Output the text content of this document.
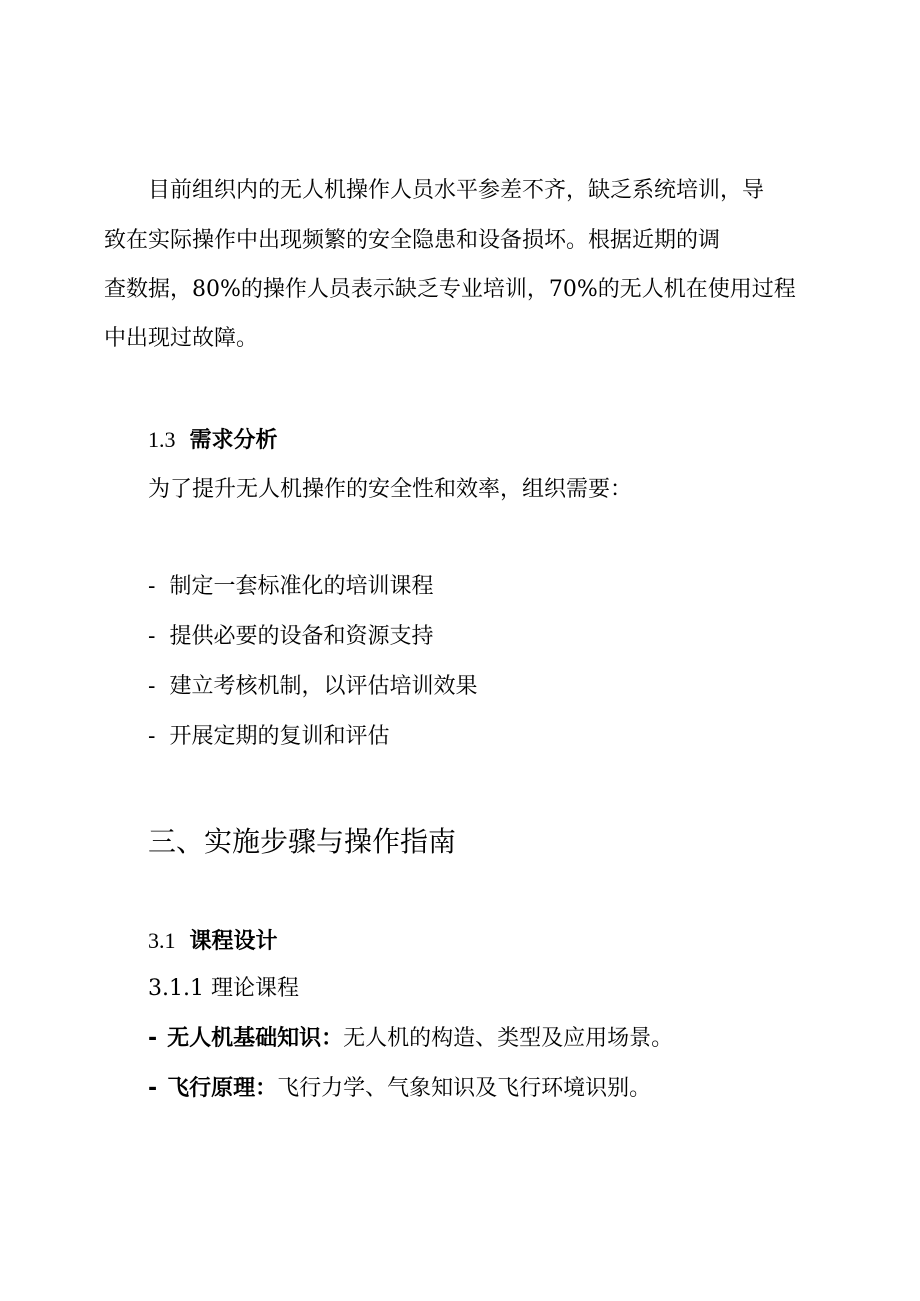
目前组织内的无人机操作人员水平参差不齐，缺乏系统培训，导
致在实际操作中出现频繁的安全隐患和设备损坏。根据近期的调
查数据，80%的操作人员表示缺乏专业培训，70%的无人机在使用过程
中出现过故障。
1.3 需求分析
为了提升无人机操作的安全性和效率，组织需要：
- 制定一套标准化的培训课程
- 提供必要的设备和资源支持
- 建立考核机制，以评估培训效果
- 开展定期的复训和评估
三、实施步骤与操作指南
3.1 课程设计
3.1.1 理论课程
- 无人机基础知识：无人机的构造、类型及应用场景。
- 飞行原理：飞行力学、气象知识及飞行环境识别。
